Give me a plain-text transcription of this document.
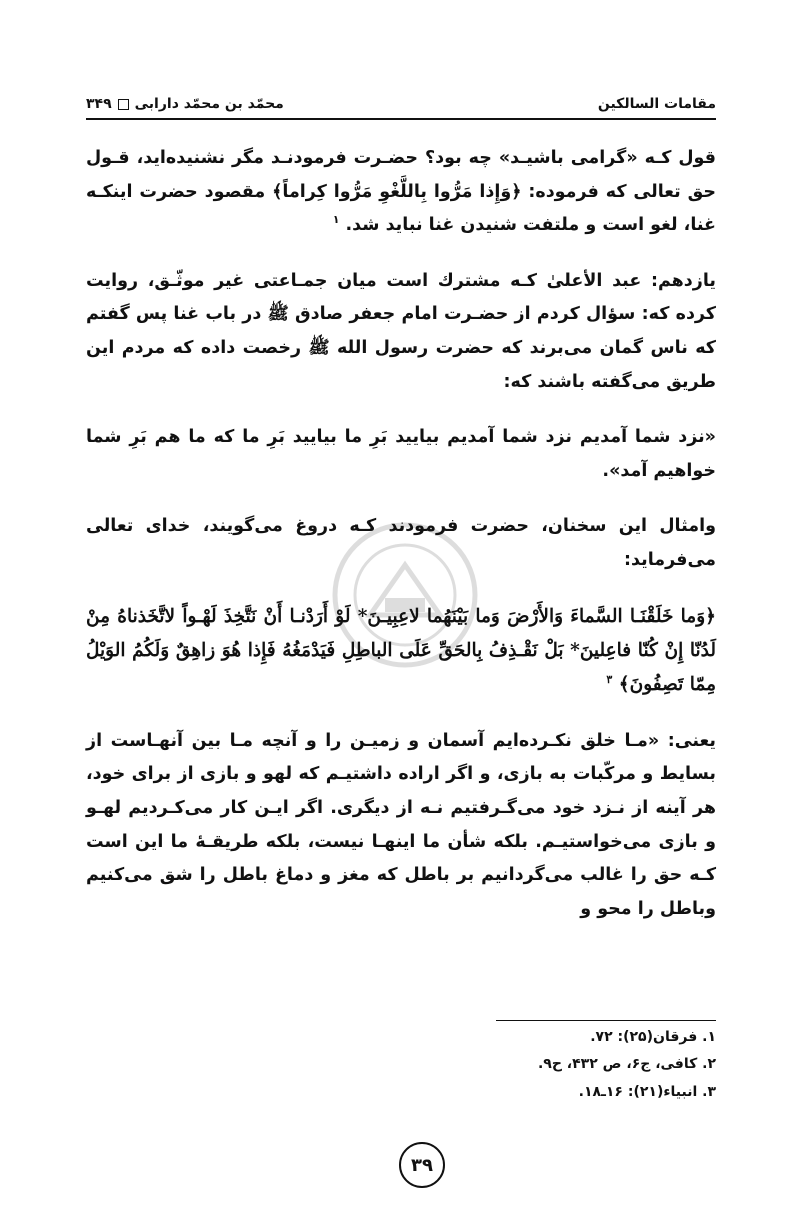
مقامات السالکین
محمّد بن محمّد دارابی
۳۴۹

قول کـه «گرامی باشیـد» چه بود؟ حضـرت فرمودنـد مگر نشنیده‌اید، قـول حق تعالی که فرموده: ﴿وَإِذا مَرُّوا بِاللَّغْوِ مَرُّوا كِراماً﴾ مقصود حضرت اینکـه غنا، لغو است و ملتفت شنیدن غنا نباید شد. $^۱$

یازدهم: عبد الأعلیٰ کـه مشترك است میان جمـاعتی غیر موثّـق، روایت کرده که: سؤال کردم از حضـرت امام جعفر صادق ﷺ در باب غنا پس گفتم که ناس گمان می‌برند که حضرت رسول الله ﷺ رخصت داده که مردم این طریق می‌گفته باشند که:

«نزد شما آمدیم نزد شما آمدیم بیایید بَرِ ما بیایید بَرِ ما که ما هم بَرِ شما خواهیم آمد».

وامثال این سخنان، حضرت فرمودند کـه دروغ می‌گویند، خدای تعالی می‌فرماید:

﴿وَما خَلَقْنَـا السَّماءَ وَالأَرْضَ وَما بَيْنَهُما لاعِبِيـنَ* لَوْ أَرَدْنـا أَنْ نَتَّخِذَ لَهْـواً لاتَّخَذناهُ مِنْ لَدُنّا إِنْ كُنّا فاعِلينَ* بَلْ نَقْـذِفُ بِالحَقِّ عَلَى الباطِلِ فَيَدْمَغُهُ فَإِذا هُوَ زاهِقٌ وَلَكُمُ الوَيْلُ مِمّا تَصِفُونَ﴾ $^۳$

یعنی: «مـا خلق نکـرده‌ایم آسمان و زمیـن را و آنچه مـا بین آنهـاست از بسایط و مرکّبات به بازی، و اگر اراده داشتیـم که لهو و بازی از برای خود، هر آینه از نـزد خود می‌گـرفتیم نـه از دیگری. اگر ایـن کار می‌کـردیم لهـو و بازی می‌خواستیـم. بلکه شأن ما اینهـا نیست، بلکه طریقـهٔ ما این است کـه حق را غالب می‌گردانیم بر باطل که مغز و دماغ باطل را شق می‌کنیم وباطل را محو و

۱. فرقان(۲۵): ۷۲.
۲. کافی، ج۶، ص ۴۳۲، ح۹.
۳. انبیاء(۲۱): ۱۶ـ۱۸.
۳۹
